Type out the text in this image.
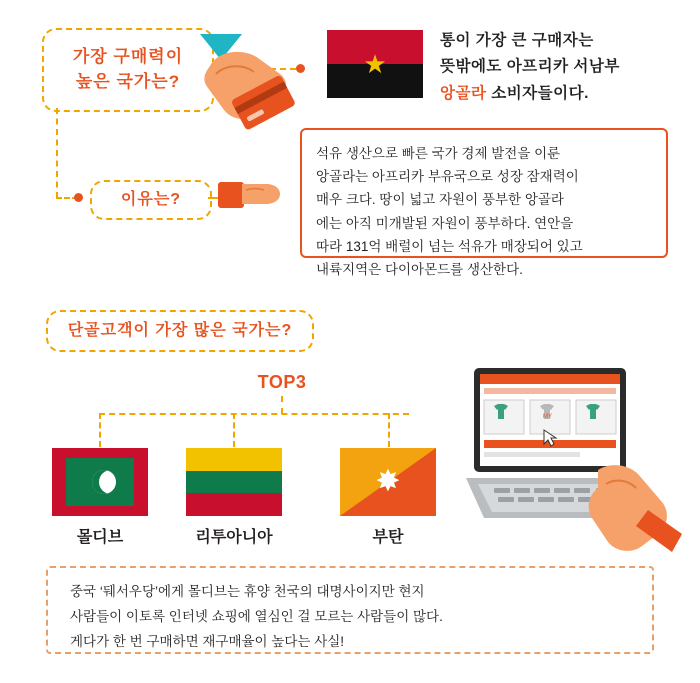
가장 구매력이
높은 국가는?
이유는?
★
통이 가장 큰 구매자는
뜻밖에도 아프리카 서남부
앙골라 소비자들이다.
석유 생산으로 빠른 국가 경제 발전을 이룬
앙골라는 아프리카 부유국으로 성장 잠재력이
매우 크다. 땅이 넓고 자원이 풍부한 앙골라
에는 아직 미개발된 자원이 풍부하다. 연안을
따라 131억 배럴이 넘는 석유가 매장되어 있고
내륙지역은 다이아몬드를 생산한다.
단골고객이 가장 많은 국가는?
TOP3
✸
몰디브	리투아니아	부탄
MY
중국 ‘뒈서우당’에게 몰디브는 휴양 천국의 대명사이지만 현지
사람들이 이토록 인터넷 쇼핑에 열심인 걸 모르는 사람들이 많다.
게다가 한 번 구매하면 재구매율이 높다는 사실!
